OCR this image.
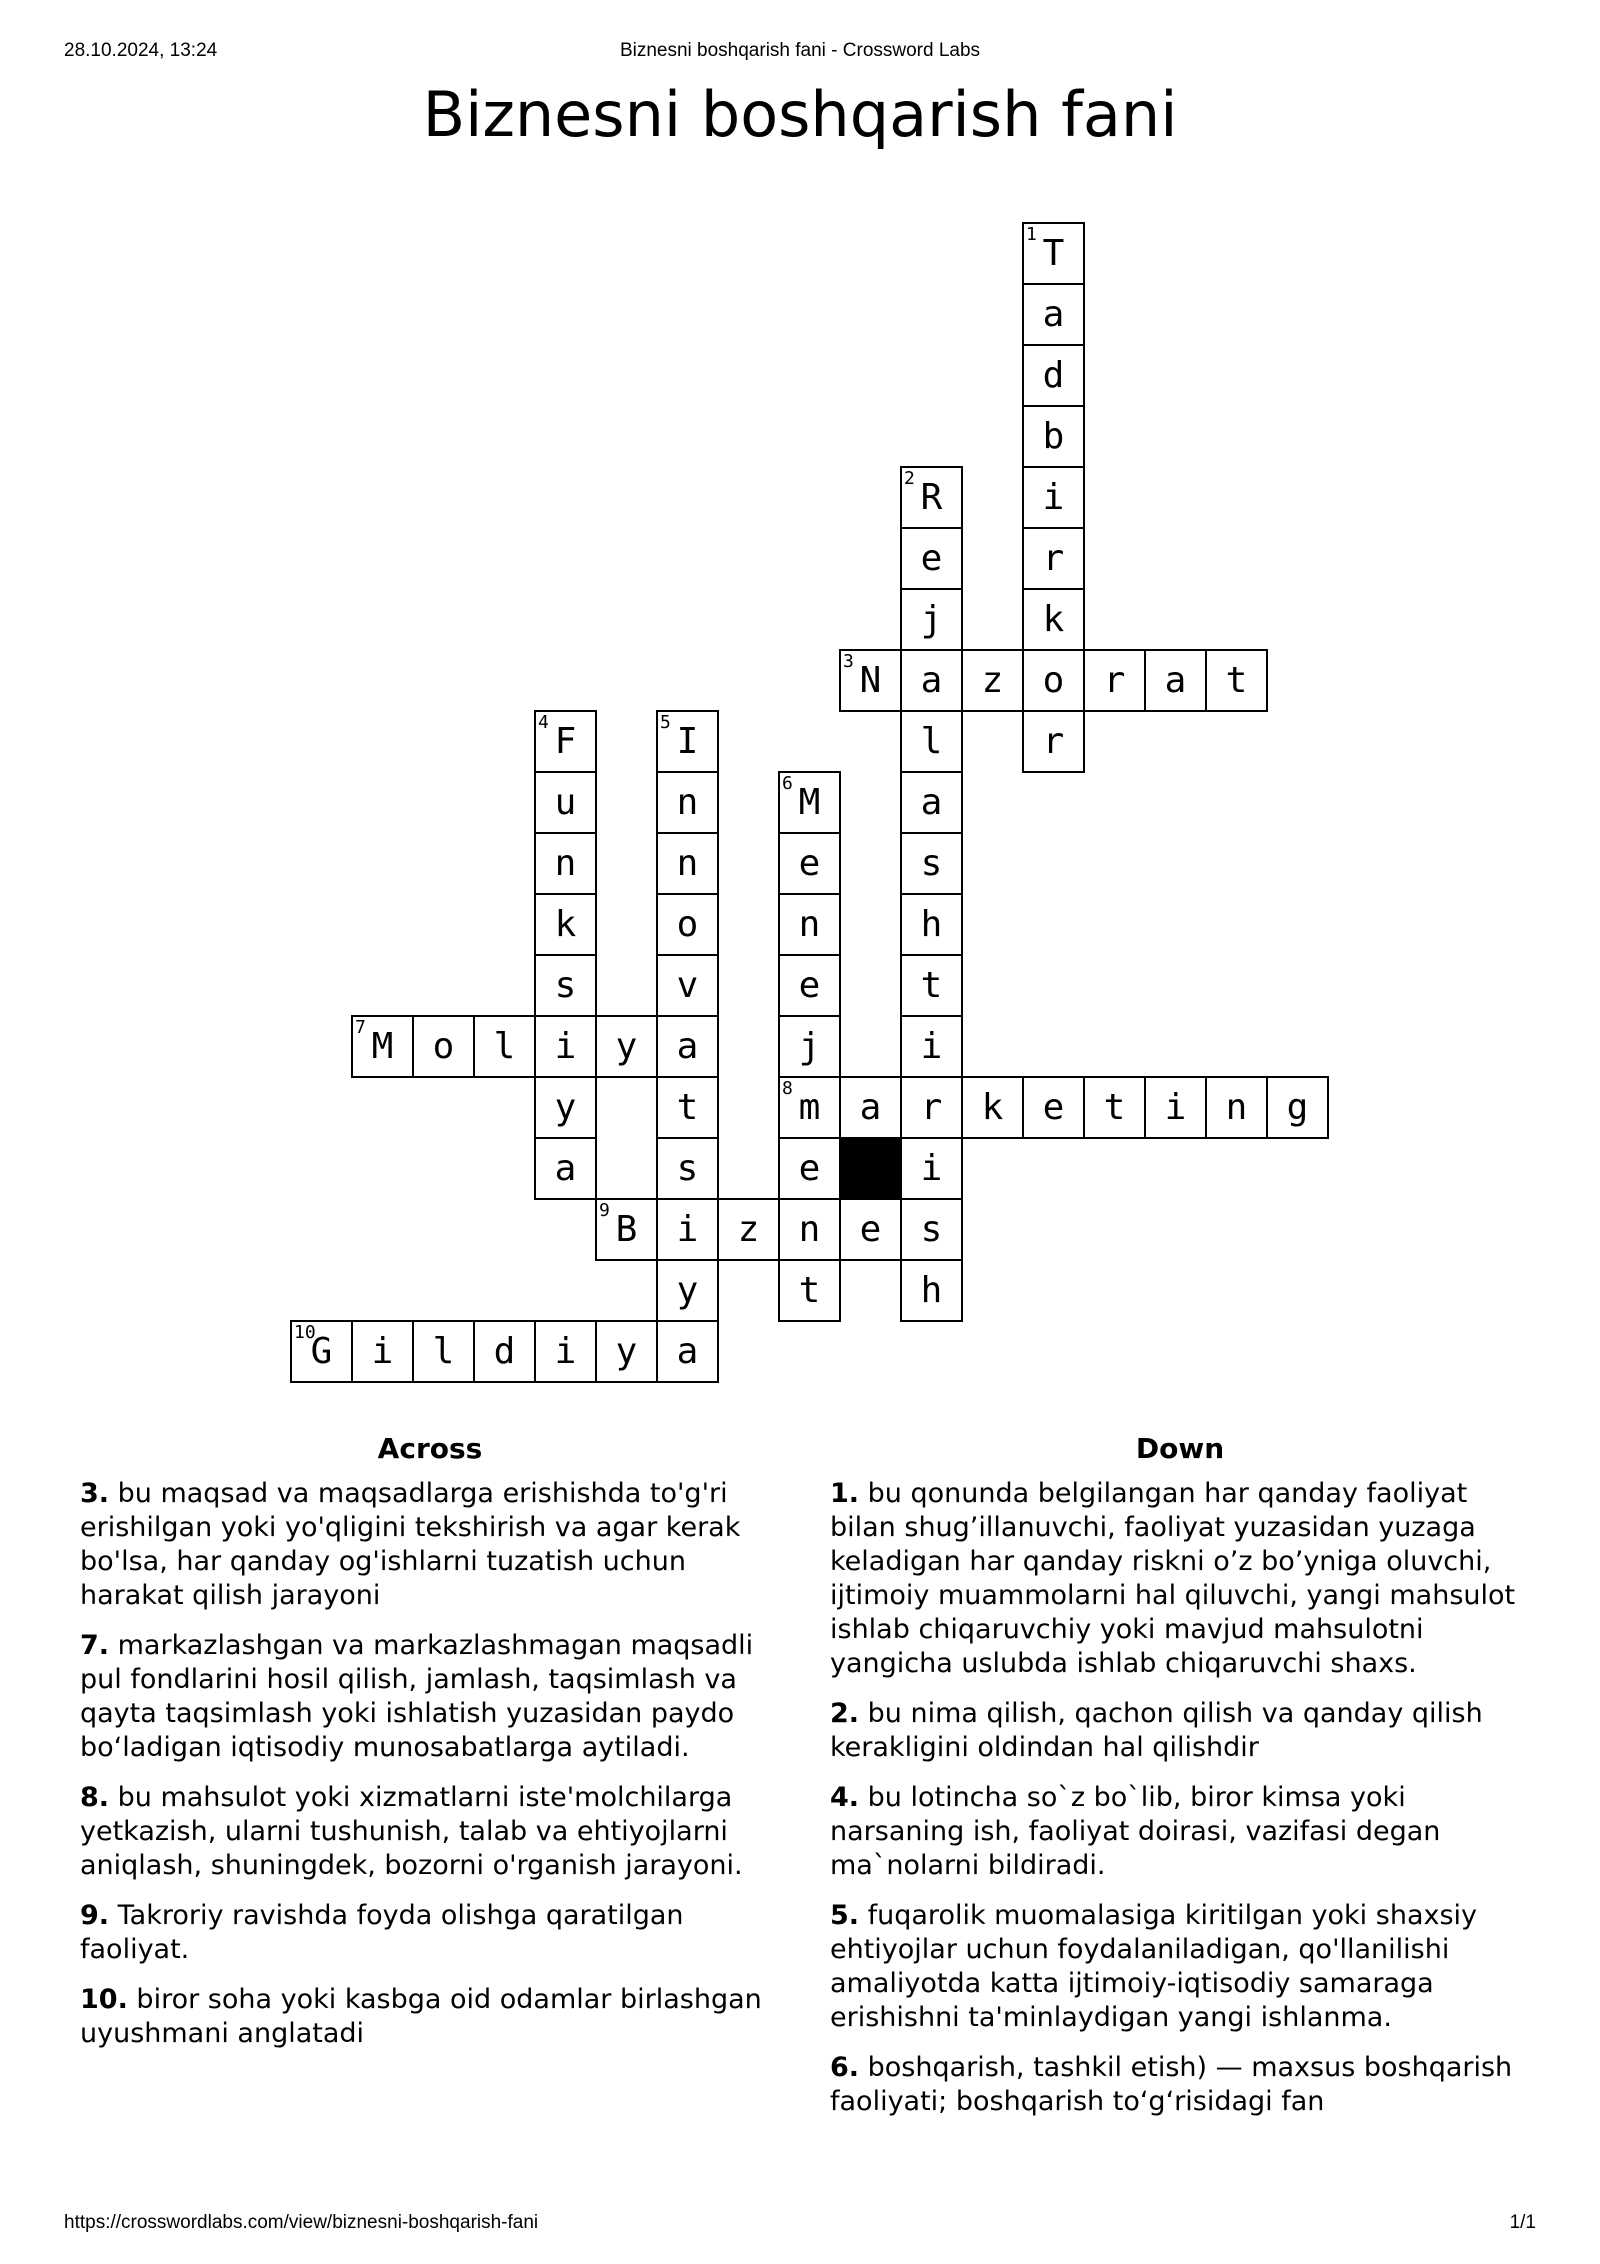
28.10.2024, 13:24	Biznesni boshqarish fani - Crossword Labs
Biznesni boshqarish fani
1 T
a
d
b
i
r
k
o
r
2 R
e
j
a
l
a
s
h
t
i
r
i
s
h
3 N	z	r	a	t
4 F
u
n
k
s
i
y
a
5 I
n
n
o
v
a
t
s
i
y
a
6 M
e
n
e
j
8 m
e
n
t
7 M	o	l	y
a	k	e	t	i	n	g
9 B	z	e
10
G	i	l	d	i	y
Across

3. bu maqsad va maqsadlarga erishishda to'g'ri erishilgan yoki yo'qligini tekshirish va agar kerak bo'lsa, har qanday og'ishlarni tuzatish uchun harakat qilish jarayoni

7. markazlashgan va markazlashmagan maqsadli pul fondlarini hosil qilish, jamlash, taqsimlash va qayta taqsimlash yoki ishlatish yuzasidan paydo boʻladigan iqtisodiy munosabatlarga aytiladi.

8. bu mahsulot yoki xizmatlarni iste'molchilarga yetkazish, ularni tushunish, talab va ehtiyojlarni aniqlash, shuningdek, bozorni o'rganish jarayoni.

9. Takroriy ravishda foyda olishga qaratilgan faoliyat.

10. biror soha yoki kasbga oid odamlar birlashgan uyushmani anglatadi

Down

1. bu qonunda belgilangan har qanday faoliyat bilan shug’illanuvchi, faoliyat yuzasidan yuzaga keladigan har qanday riskni o’z bo’yniga oluvchi, ijtimoiy muammolarni hal qiluvchi, yangi mahsulot ishlab chiqaruvchiy yoki mavjud mahsulotni yangicha uslubda ishlab chiqaruvchi shaxs.

2. bu nima qilish, qachon qilish va qanday qilish kerakligini oldindan hal qilishdir

4. bu lotincha so`z bo`lib, biror kimsa yoki narsaning ish, faoliyat doirasi, vazifasi degan ma`nolarni bildiradi.

5. fuqarolik muomalasiga kiritilgan yoki shaxsiy ehtiyojlar uchun foydalaniladigan, qo'llanilishi amaliyotda katta ijtimoiy-iqtisodiy samaraga erishishni ta'minlaydigan yangi ishlanma.

6. boshqarish, tashkil etish) — maxsus boshqarish faoliyati; boshqarish toʻgʻrisidagi fan

https://crosswordlabs.com/view/biznesni-boshqarish-fani	1/1
